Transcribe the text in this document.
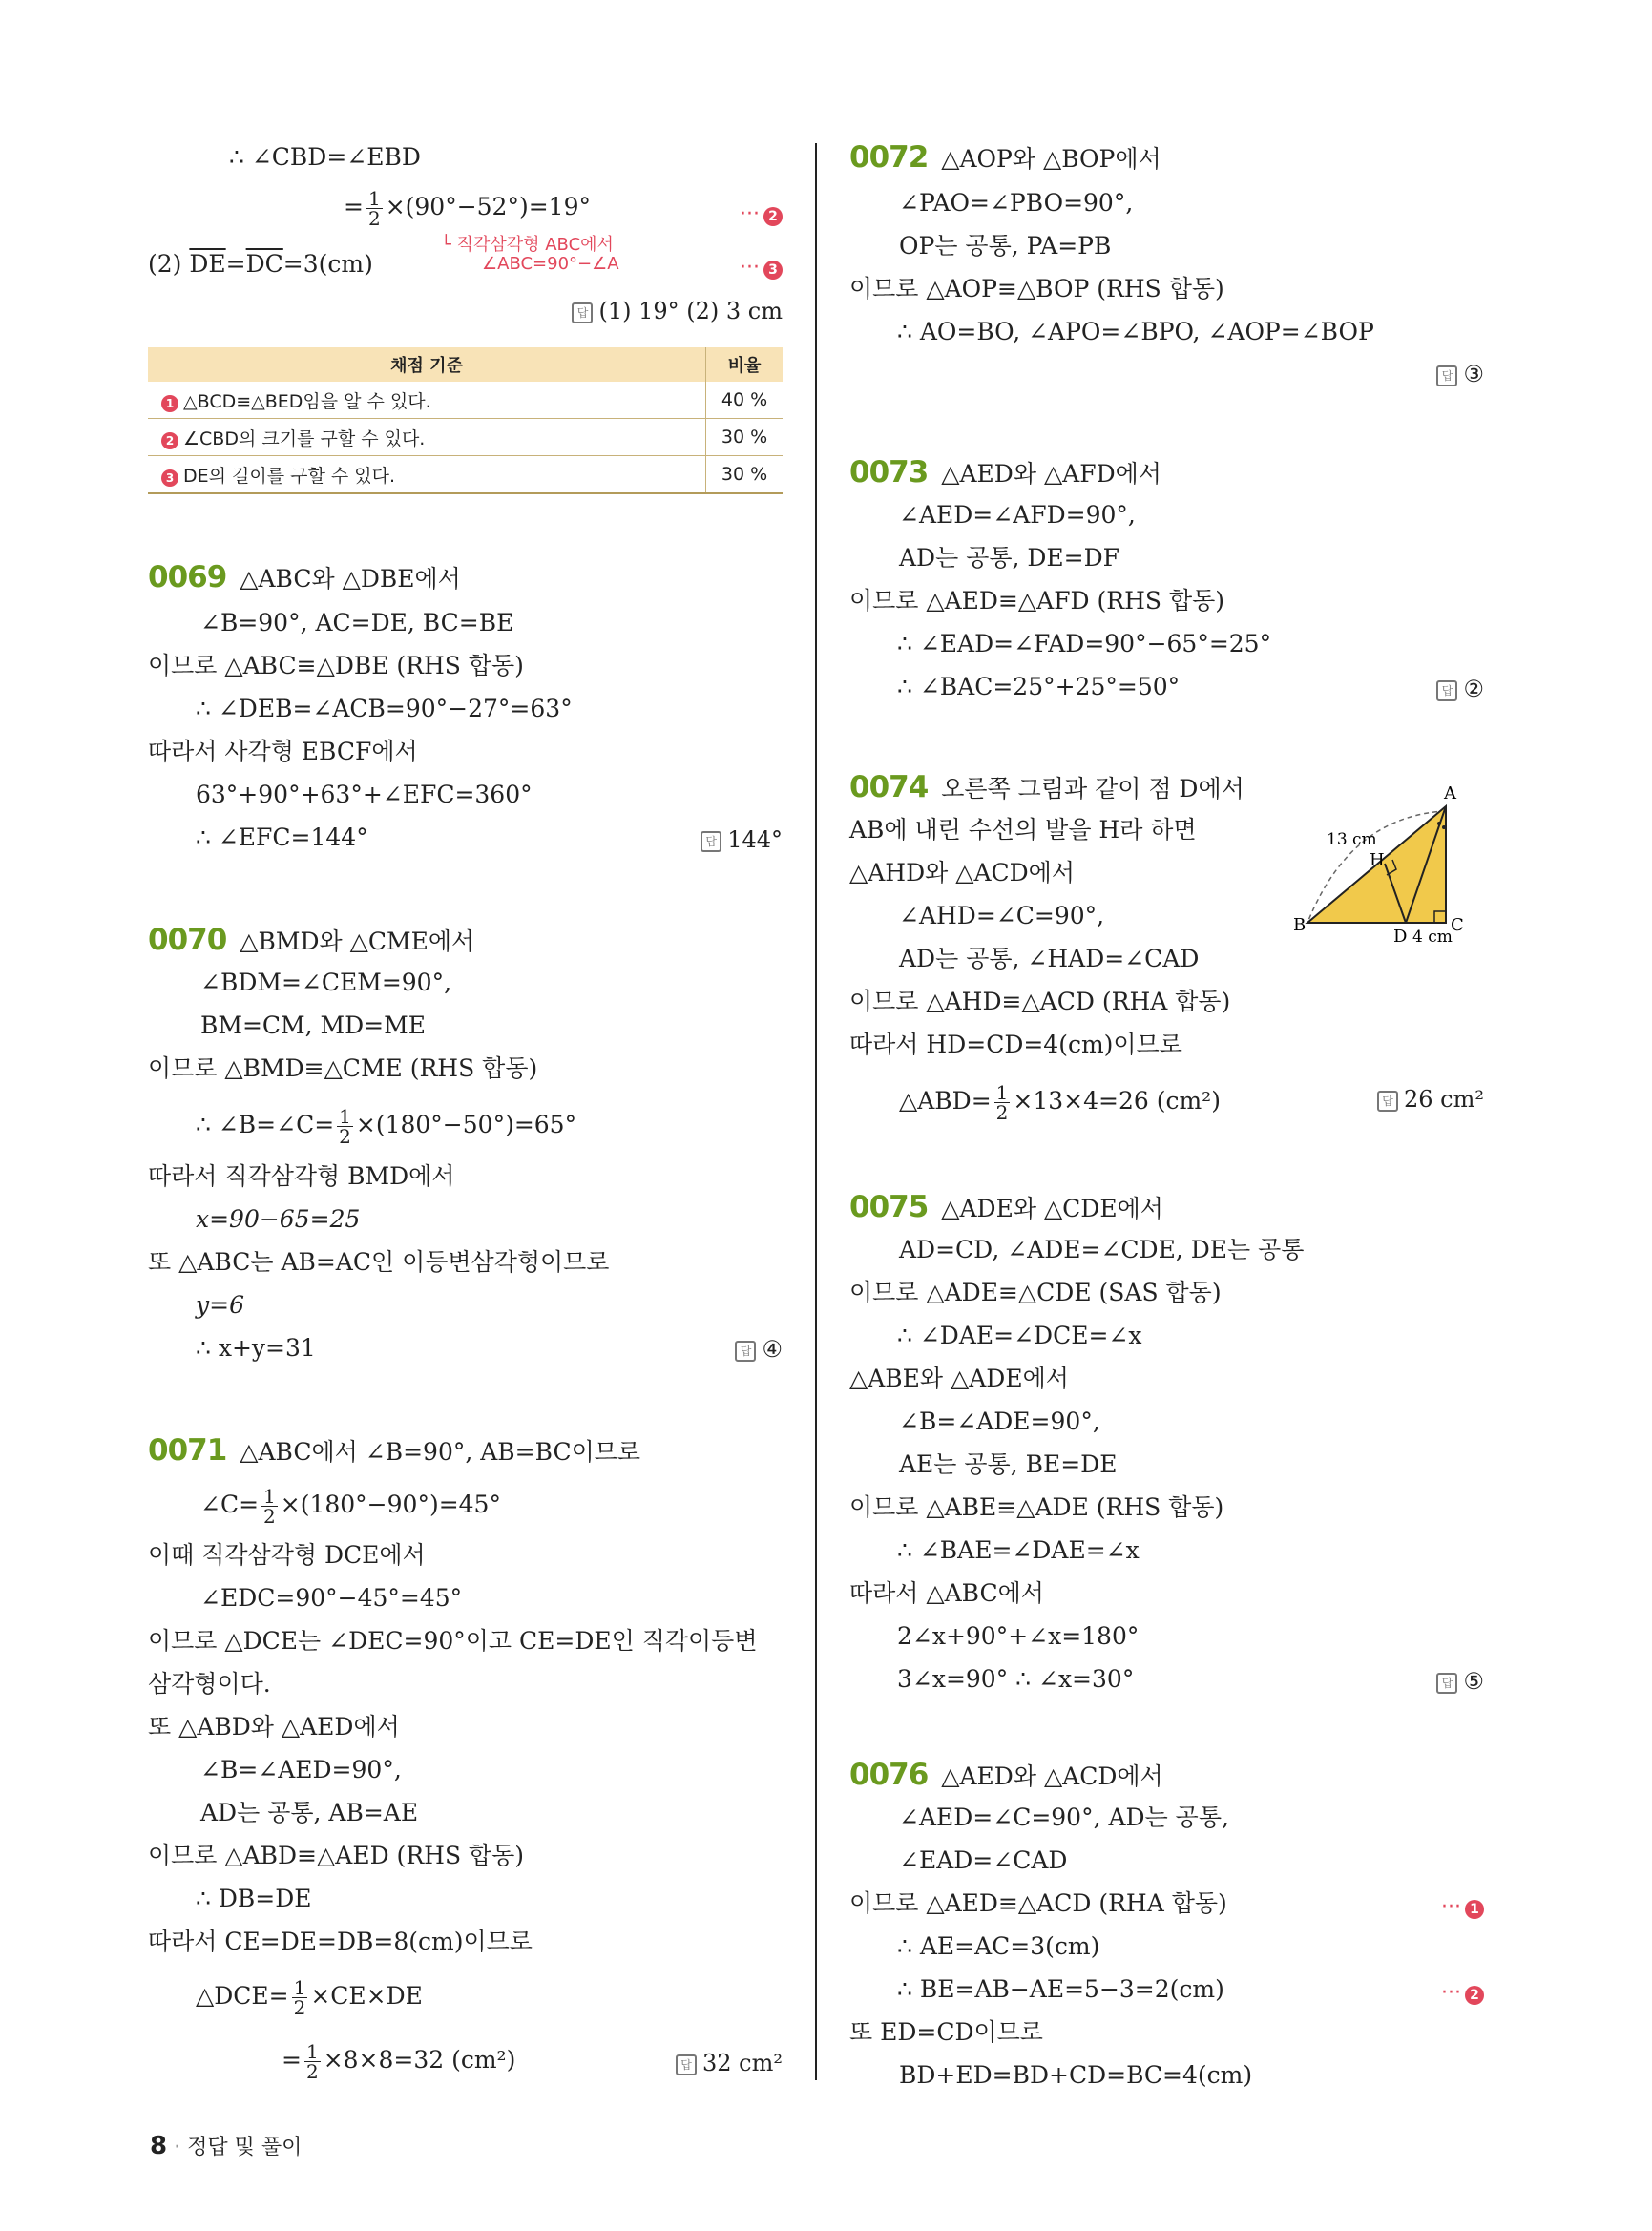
∴ ∠CBD=∠EBD
= $\frac{1}{2} \times(90^\circ-52^\circ)=19^\circ$
└ 직각삼각형 ABC에서
∠ABC=90°−∠A
··· 2
(2) $\overline{DE}=\overline{DC}=3(cm)$	··· 3
답 (1) 19° (2) 3 cm
채점 기준	비율
1 △BCD≡△BED임을 알 수 있다.	40 %
2 ∠CBD의 크기를 구할 수 있다.	30 %
3 DE의 길이를 구할 수 있다.	30 %
0069 △ABC와 △DBE에서
∠B=90°, AC=DE, BC=BE
이므로 △ABC≡△DBE (RHS 합동)
∴ ∠DEB=∠ACB=90°−27°=63°
따라서 사각형 EBCF에서
63°+90°+63°+∠EFC=360°
∴ ∠EFC=144°	답 144°
0070 △BMD와 △CME에서
∠BDM=∠CEM=90°,
BM=CM, MD=ME
이므로 △BMD≡△CME (RHS 합동)
∴ ∠B=∠C= $\frac{1}{2} \times(180^\circ-50^\circ)=65^\circ$
따라서 직각삼각형 BMD에서
x=90−65=25
또 △ABC는 AB=AC인 이등변삼각형이므로
y=6
∴ x+y=31	답 ④
0071 △ABC에서 ∠B=90°, AB=BC이므로
∠C= $\frac{1}{2} \times(180^\circ-90^\circ)=45^\circ$
이때 직각삼각형 DCE에서
∠EDC=90°−45°=45°
이므로 △DCE는 ∠DEC=90°이고 CE=DE인 직각이등변
삼각형이다.
또 △ABD와 △AED에서
∠B=∠AED=90°,
AD는 공통, AB=AE
이므로 △ABD≡△AED (RHS 합동)
∴ DB=DE
따라서 CE=DE=DB=8(cm)이므로
△DCE= $\frac{1}{2} \times CE\times DE$
= $\frac{1}{2} \times 8\times 8=32$ (cm²)	답 32 cm²
0072 △AOP와 △BOP에서
∠PAO=∠PBO=90°,
OP는 공통, PA=PB
이므로 △AOP≡△BOP (RHS 합동)
∴ AO=BO, ∠APO=∠BPO, ∠AOP=∠BOP
답 ③
0073 △AED와 △AFD에서
∠AED=∠AFD=90°,
AD는 공통, DE=DF
이므로 △AED≡△AFD (RHS 합동)
∴ ∠EAD=∠FAD=90°−65°=25°
∴ ∠BAC=25°+25°=50°	답 ②
0074 오른쪽 그림과 같이 점 D에서
AB에 내린 수선의 발을 H라 하면
△AHD와 △ACD에서
∠AHD=∠C=90°,
AD는 공통, ∠HAD=∠CAD
이므로 △AHD≡△ACD (RHA 합동)
따라서 HD=CD=4(cm)이므로
△ABD= $\frac{1}{2} \times 13\times 4=26$ (cm²)	답 26 cm²
A
B	C
D
H
13 cm
4 cm
0075 △ADE와 △CDE에서
AD=CD, ∠ADE=∠CDE, DE는 공통
이므로 △ADE≡△CDE (SAS 합동)
∴ ∠DAE=∠DCE=∠x
△ABE와 △ADE에서
∠B=∠ADE=90°,
AE는 공통, BE=DE
이므로 △ABE≡△ADE (RHS 합동)
∴ ∠BAE=∠DAE=∠x
따라서 △ABC에서
2∠x+90°+∠x=180°
3∠x=90° ∴ ∠x=30°	답 ⑤
0076 △AED와 △ACD에서
∠AED=∠C=90°, AD는 공통,
∠EAD=∠CAD
이므로 △AED≡△ACD (RHA 합동)	··· 1
∴ AE=AC=3(cm)
∴ BE=AB−AE=5−3=2(cm)	··· 2
또 ED=CD이므로
BD+ED=BD+CD=BC=4(cm)
8 · 정답 및 풀이
